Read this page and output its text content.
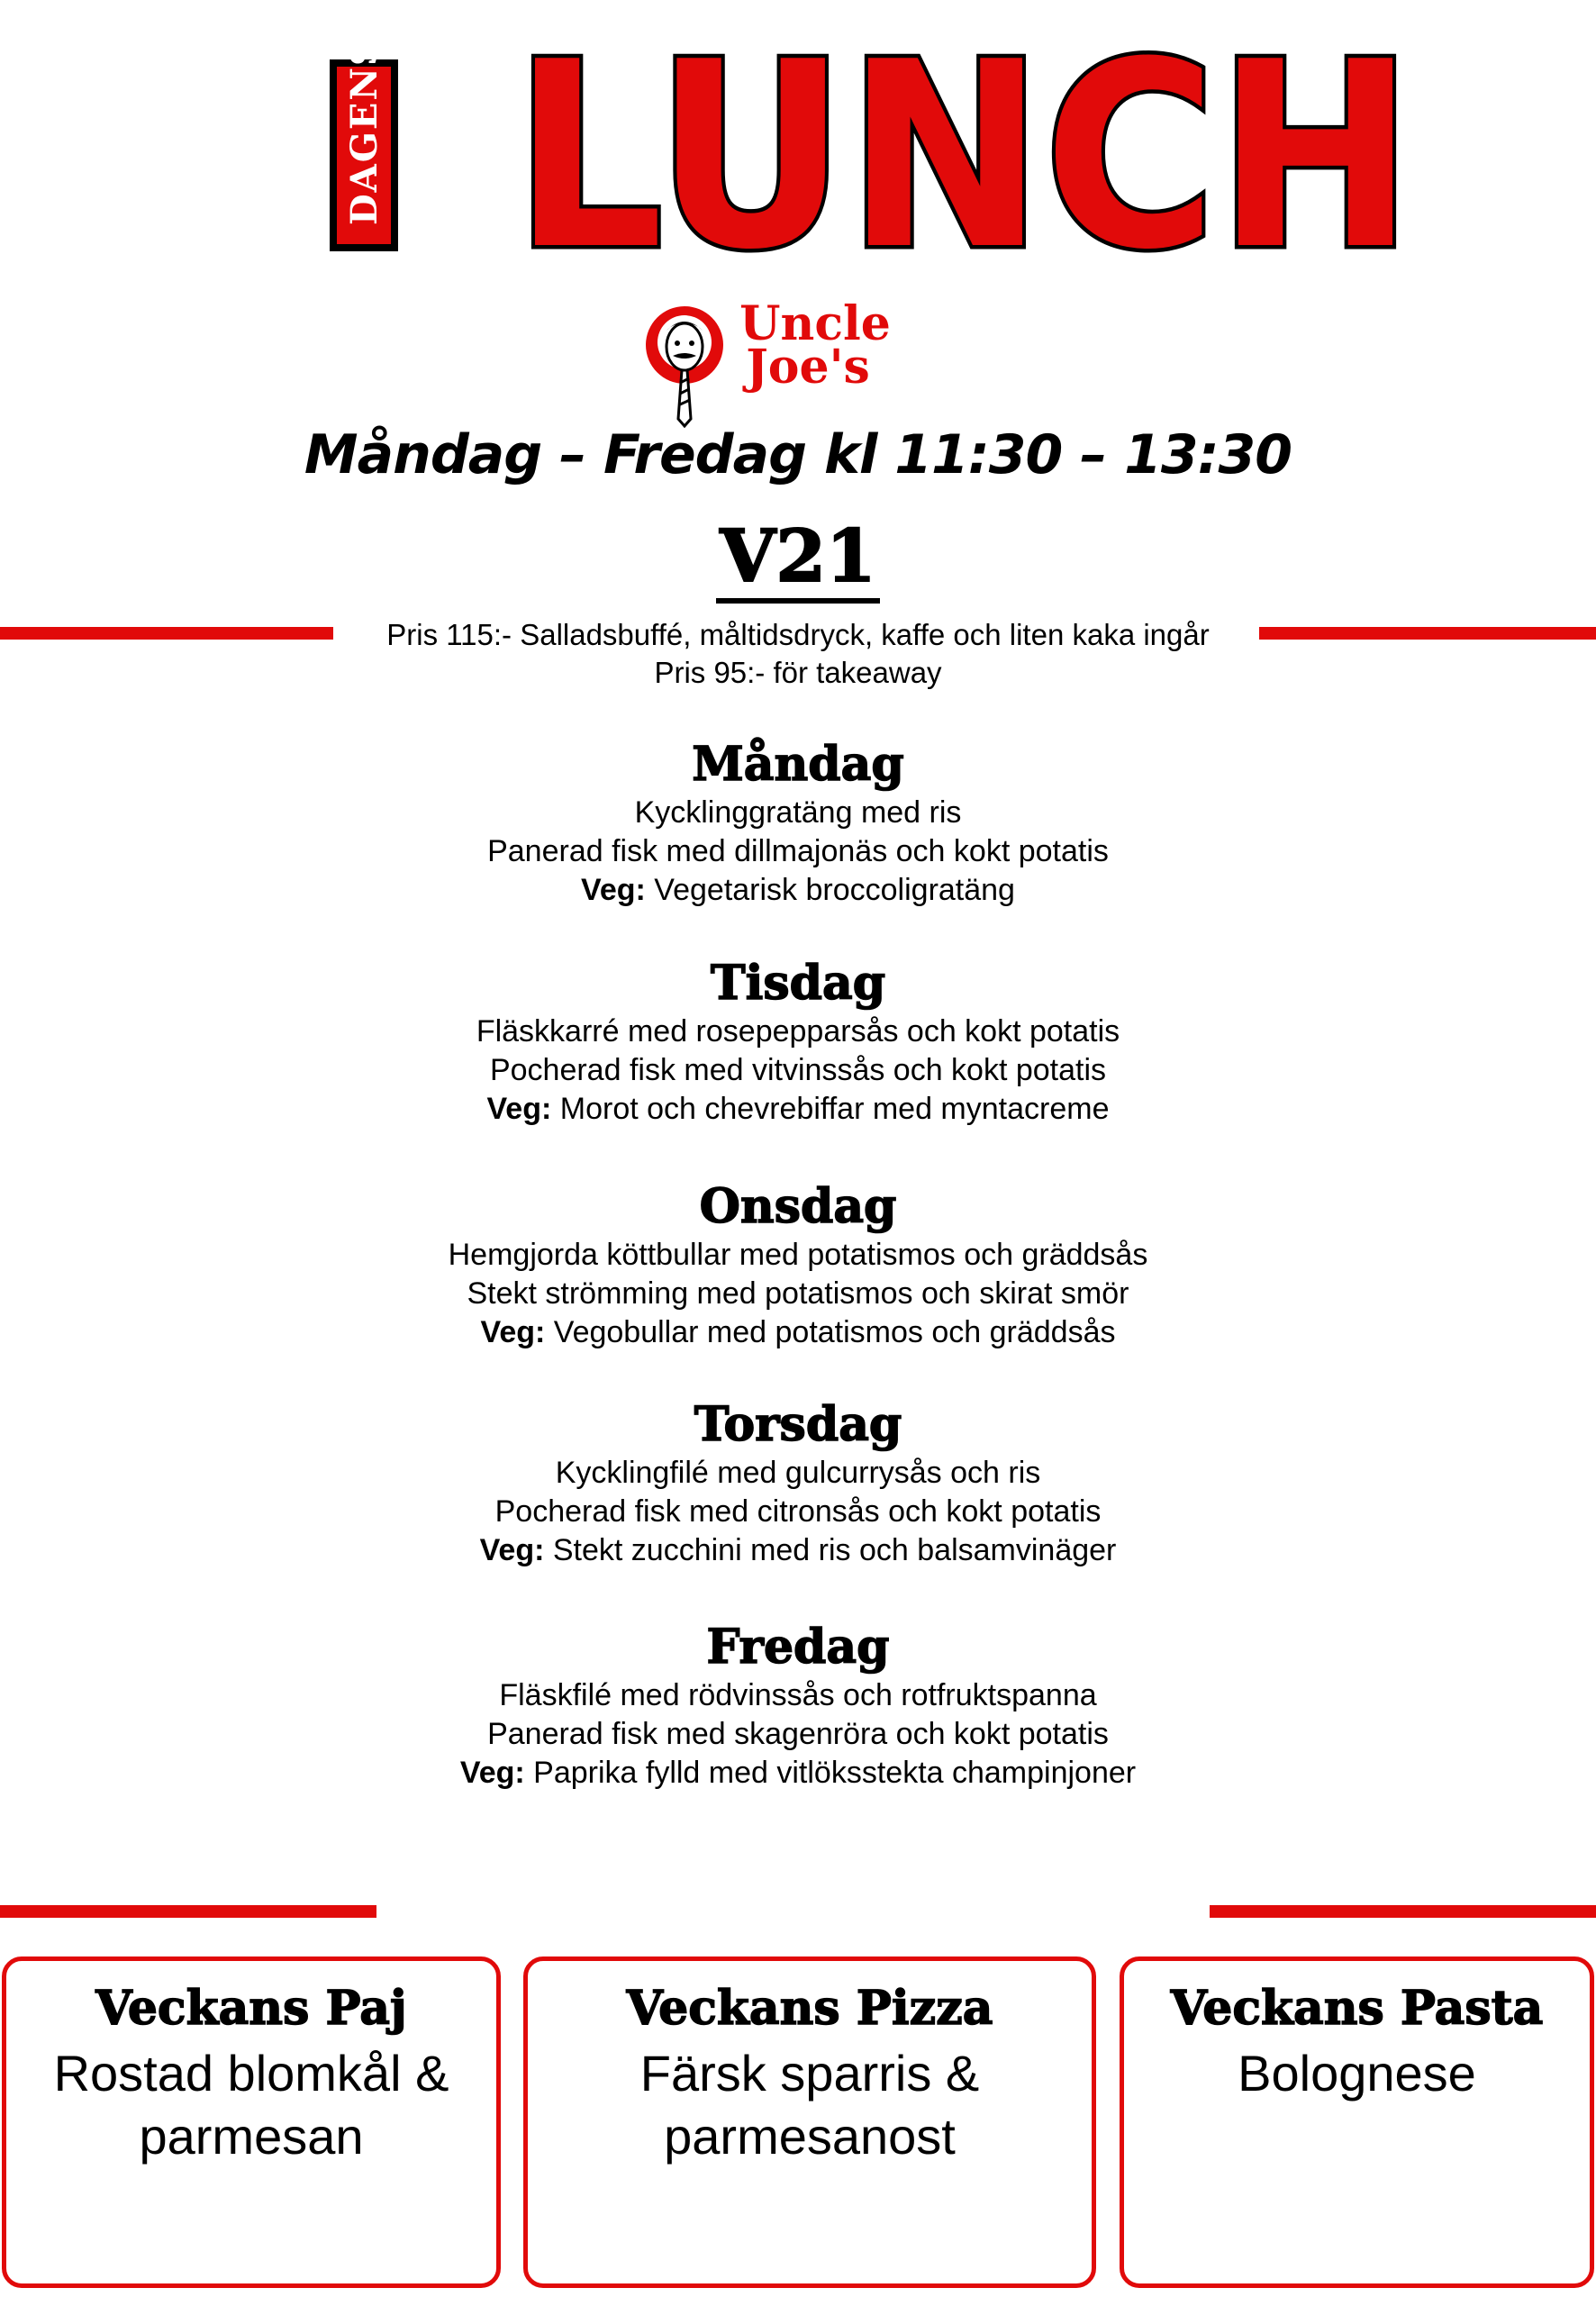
DAGENS LUNCH
Uncle
Joe's
Måndag – Fredag kl 11:30 – 13:30
V21
Pris 115:- Salladsbuffé, måltidsdryck, kaffe och liten kaka ingår
Pris 95:- för takeaway
Måndag

Kycklinggratäng med ris

Panerad fisk med dillmajonäs och kokt potatis

Veg: Vegetarisk broccoligratäng

Tisdag

Fläskkarré med rosepepparsås och kokt potatis

Pocherad fisk med vitvinssås och kokt potatis

Veg: Morot och chevrebiffar med myntacreme

Onsdag

Hemgjorda köttbullar med potatismos och gräddsås

Stekt strömming med potatismos och skirat smör

Veg: Vegobullar med potatismos och gräddsås

Torsdag

Kycklingfilé med gulcurrysås och ris

Pocherad fisk med citronsås och kokt potatis

Veg: Stekt zucchini med ris och balsamvinäger

Fredag

Fläskfilé med rödvinssås och rotfruktspanna

Panerad fisk med skagenröra och kokt potatis

Veg: Paprika fylld med vitlöksstekta champinjoner

Veckans Paj

Rostad blomkål &

parmesan

Veckans Pizza

Färsk sparris &

parmesanost

Veckans Pasta

Bolognese
